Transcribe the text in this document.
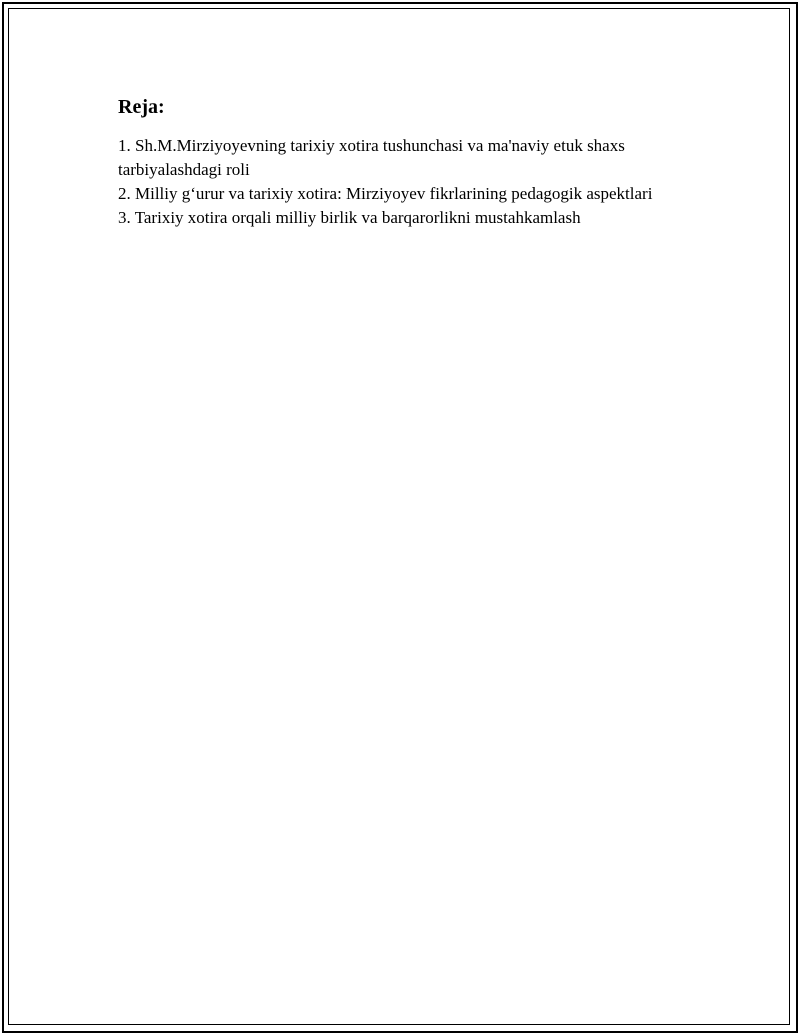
Reja:
1. Sh.M.Mirziyoyevning tarixiy xotira tushunchasi va ma'naviy etuk shaxs tarbiyalashdagi roli
2. Milliy g‘urur va tarixiy xotira: Mirziyoyev fikrlarining pedagogik aspektlari
3. Tarixiy xotira orqali milliy birlik va barqarorlikni mustahkamlash
